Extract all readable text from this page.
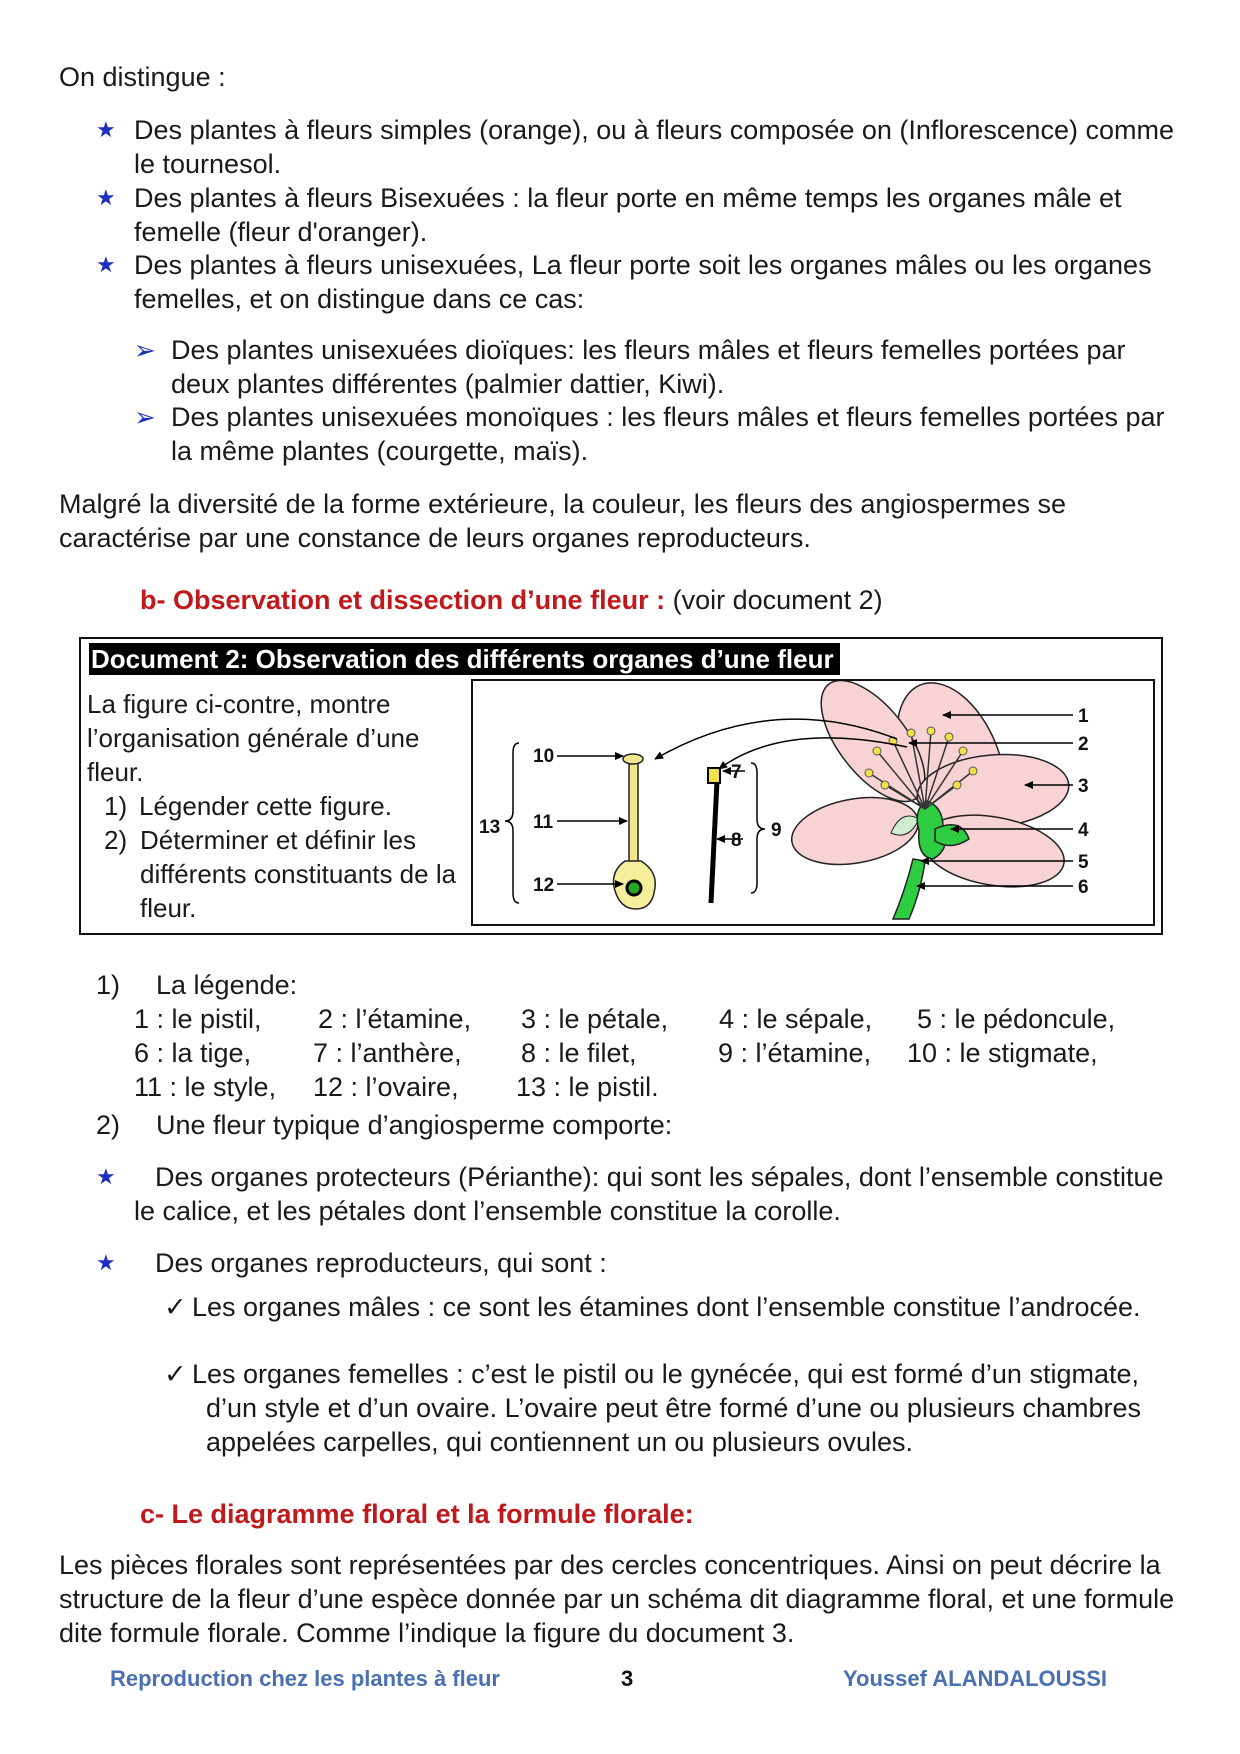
On distingue :
★ Des plantes à fleurs simples (orange), ou à fleurs composée on (Inflorescence) comme le tournesol.
★ Des plantes à fleurs Bisexuées : la fleur porte en même temps les organes mâle et femelle (fleur d'oranger).
★ Des plantes à fleurs unisexuées, La fleur porte soit les organes mâles ou les organes femelles, et on distingue dans ce cas:
➢ Des plantes unisexuées dioïques: les fleurs mâles et fleurs femelles portées par deux plantes différentes (palmier dattier, Kiwi).
➢ Des plantes unisexuées monoïques : les fleurs mâles et fleurs femelles portées par la même plantes (courgette, maïs).
Malgré la diversité de la forme extérieure, la couleur, les fleurs des angiospermes se caractérise par une constance de leurs organes reproducteurs.
b- Observation et dissection d’une fleur : (voir document 2)
Document 2: Observation des différents organes d’une fleur
La figure ci-contre, montre l’organisation générale d’une fleur.
1) Légender cette figure.
2) Déterminer et définir les différents constituants de la fleur.
1
2
3
4
5
6
7
8 9
10
11
12
13
1) La légende:
1 : le pistil, 2 : l’étamine, 3 : le pétale, 4 : le sépale, 5 : le pédoncule,
6 : la tige, 7 : l’anthère, 8 : le filet,	9 : l’étamine, 10 : le stigmate,
11 : le style, 12 : l’ovaire, 13 : le pistil.
2) Une fleur typique d’angiosperme comporte:
★	Des organes protecteurs (Périanthe): qui sont les sépales, dont l’ensemble constitue le calice, et les pétales dont l’ensemble constitue la corolle.
★	Des organes reproducteurs, qui sont :
✓ Les organes mâles : ce sont les étamines dont l’ensemble constitue l’androcée.
✓ Les organes femelles : c’est le pistil ou le gynécée, qui est formé d’un stigmate, d’un style et d’un ovaire. L’ovaire peut être formé d’une ou plusieurs chambres appelées carpelles, qui contiennent un ou plusieurs ovules.
c- Le diagramme floral et la formule florale:
Les pièces florales sont représentées par des cercles concentriques. Ainsi on peut décrire la structure de la fleur d’une espèce donnée par un schéma dit diagramme floral, et une formule dite formule florale. Comme l’indique la figure du document 3.
Reproduction chez les plantes à fleur	3	Youssef ALANDALOUSSI
